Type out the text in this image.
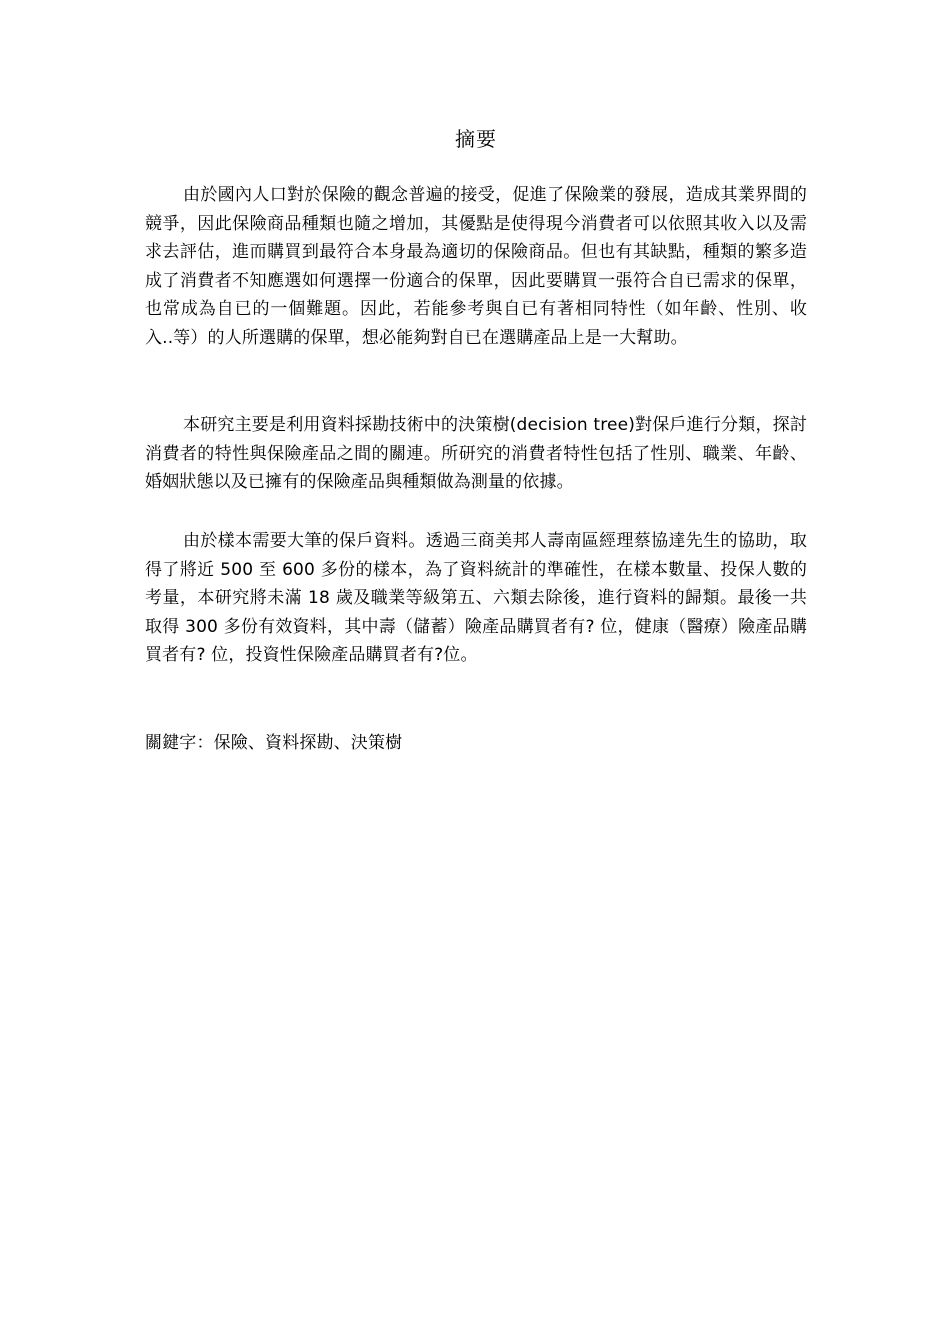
摘要

由於國內人口對於保險的觀念普遍的接受，促進了保險業的發展，造成其業界間的競爭，因此保險商品種類也隨之增加，其優點是使得現今消費者可以依照其收入以及需求去評估，進而購買到最符合本身最為適切的保險商品。但也有其缺點，種類的繁多造成了消費者不知應選如何選擇一份適合的保單，因此要購買一張符合自已需求的保單，也常成為自已的一個難題。因此，若能參考與自已有著相同特性（如年齡、性別、收入..等）的人所選購的保單，想必能夠對自已在選購產品上是一大幫助。

本研究主要是利用資料採勘技術中的決策樹(decision tree)對保戶進行分類，探討消費者的特性與保險產品之間的關連。所研究的消費者特性包括了性別、職業、年齡、婚姻狀態以及已擁有的保險產品與種類做為測量的依據。

由於樣本需要大筆的保戶資料。透過三商美邦人壽南區經理蔡協達先生的協助，取得了將近 500 至 600 多份的樣本，為了資料統計的準確性，在樣本數量、投保人數的考量，本研究將未滿 18 歲及職業等級第五、六類去除後，進行資料的歸類。最後一共取得 300 多份有效資料，其中壽（儲蓄）險產品購買者有? 位，健康（醫療）險產品購買者有? 位，投資性保險產品購買者有?位。

關鍵字：保險、資料探勘、決策樹
